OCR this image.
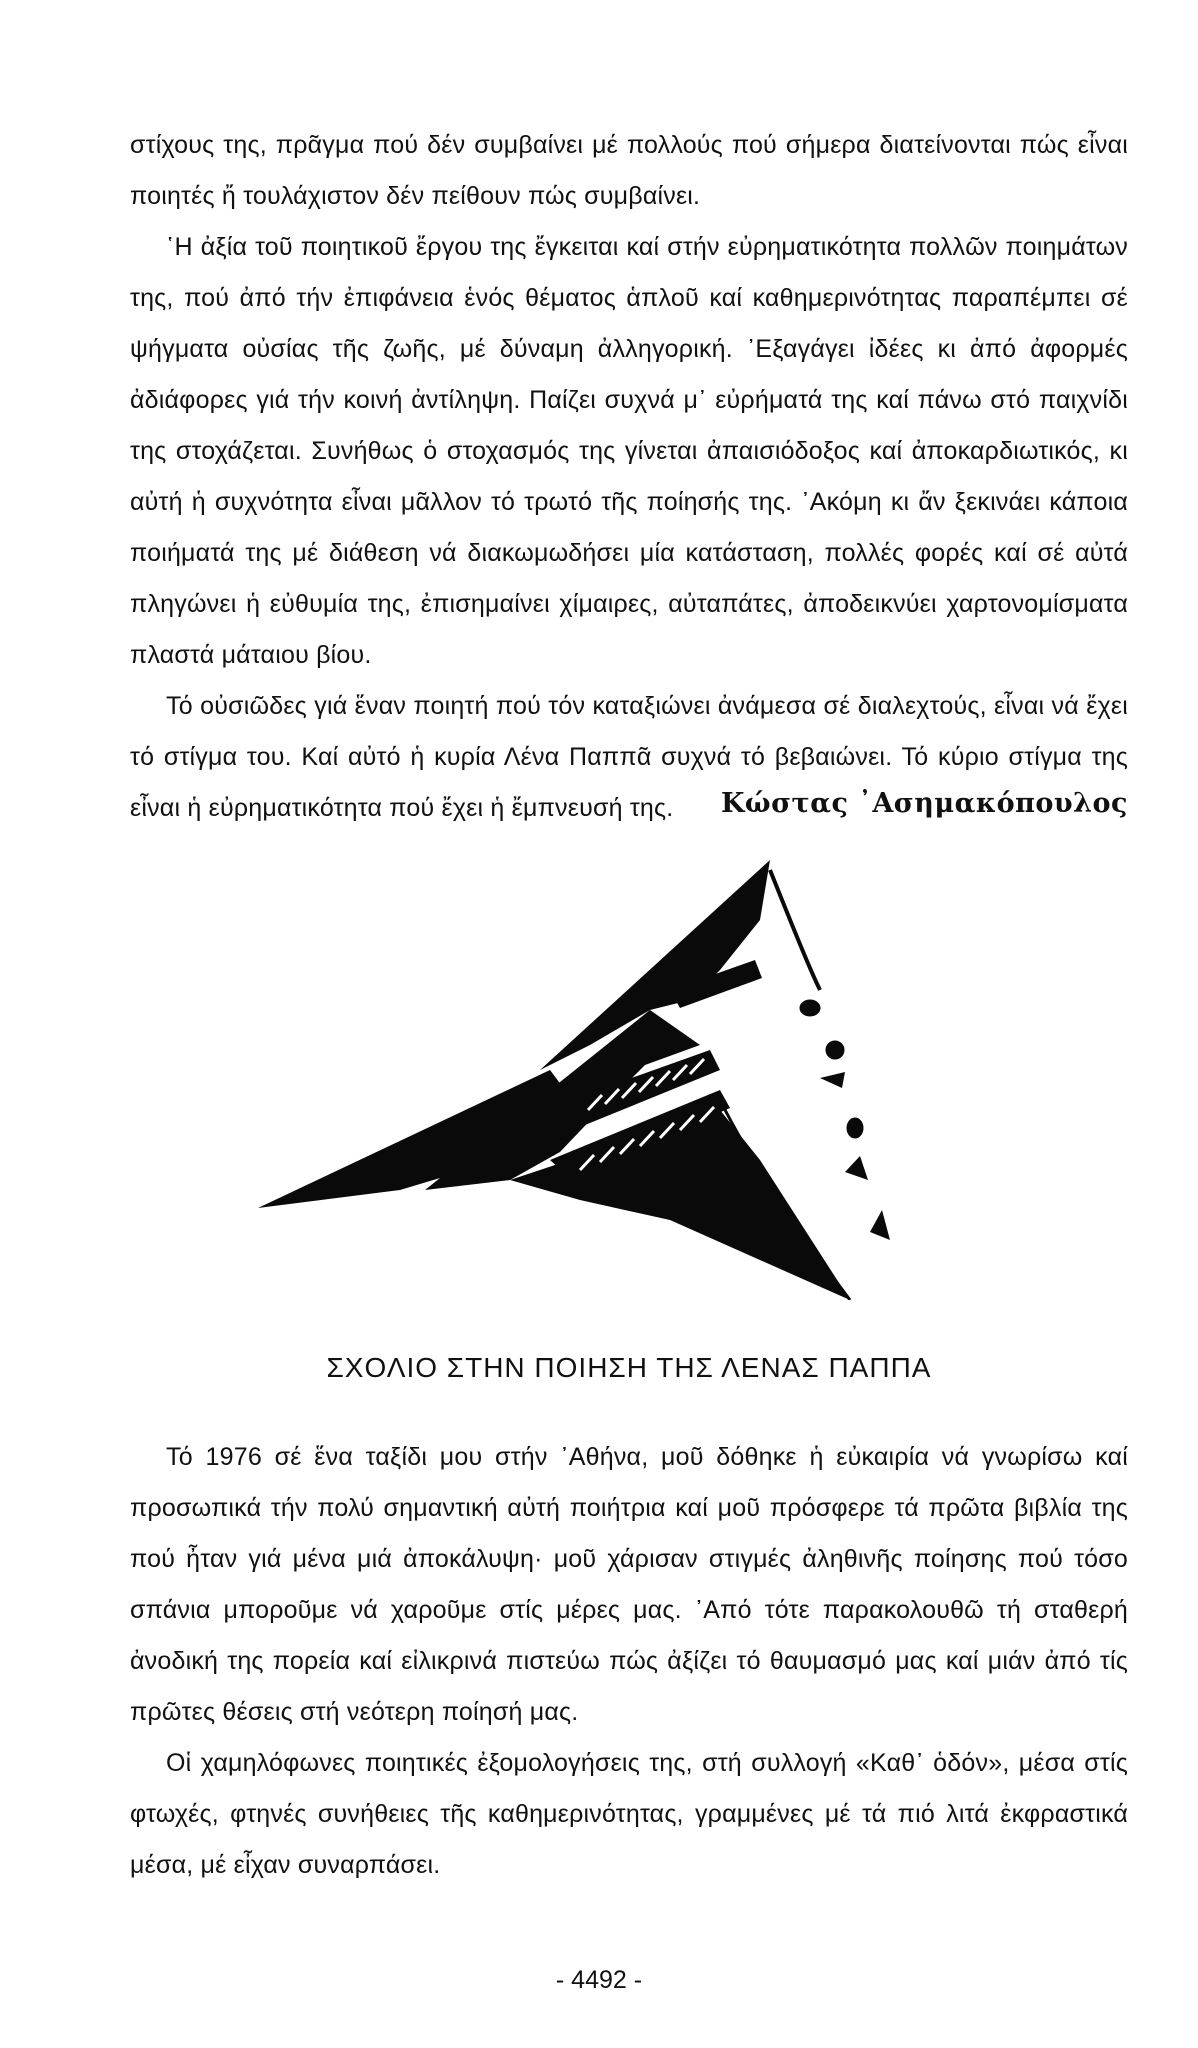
στίχους της, πρᾶγμα πού δέν συμβαίνει μέ πολλούς πού σήμερα διατείνονται πώς εἶναι ποιητές ἤ τουλάχιστον δέν πείθουν πώς συμβαίνει.

῾Η ἀξία τοῦ ποιητικοῦ ἔργου της ἔγκειται καί στήν εὐρηματικότητα πολλῶν ποιημάτων της, πού ἀπό τήν ἐπιφάνεια ἑνός θέματος ἁπλοῦ καί καθημερινότητας παραπέμπει σέ ψήγματα οὐσίας τῆς ζωῆς, μέ δύναμη ἀλληγορική. ᾿Εξαγάγει ἰδέες κι ἀπό ἀφορμές ἀδιάφορες γιά τήν κοινή ἀντίληψη. Παίζει συχνά μ᾿ εὐρήματά της καί πάνω στό παιχνίδι της στοχάζεται. Συνήθως ὁ στοχασμός της γίνεται ἀπαισιόδοξος καί ἀποκαρδιωτικός, κι αὐτή ἡ συχνότητα εἶναι μᾶλλον τό τρωτό τῆς ποίησής της. ᾿Ακόμη κι ἄν ξεκινάει κάποια ποιήματά της μέ διάθεση νά διακωμωδήσει μία κατάσταση, πολλές φορές καί σέ αὐτά πληγώνει ἡ εὐθυμία της, ἐπισημαίνει χίμαιρες, αὐταπάτες, ἀποδεικνύει χαρτονομίσματα πλαστά μάταιου βίου.

Τό οὐσιῶδες γιά ἕναν ποιητή πού τόν καταξιώνει ἀνάμεσα σέ διαλεχτούς, εἶναι νά ἔχει τό στίγμα του. Καί αὐτό ἡ κυρία Λένα Παππᾶ συχνά τό βεβαιώνει. Τό κύριο στίγμα της εἶναι ἡ εὐρηματικότητα πού ἔχει ἡ ἔμπνευσή της.	Κώστας ᾿Ασημακόπουλος
ΣΧΟΛΙΟ ΣΤΗΝ ΠΟΙΗΣΗ ΤΗΣ ΛΕΝΑΣ ΠΑΠΠΑ

Τό 1976 σέ ἕνα ταξίδι μου στήν ᾿Αθήνα, μοῦ δόθηκε ἡ εὐκαιρία νά γνωρίσω καί προσωπικά τήν πολύ σημαντική αὐτή ποιήτρια καί μοῦ πρόσφερε τά πρῶτα βιβλία της πού ἦταν γιά μένα μιά ἀποκάλυψη· μοῦ χάρισαν στιγμές ἀληθινῆς ποίησης πού τόσο σπάνια μποροῦμε νά χαροῦμε στίς μέρες μας. ᾿Από τότε παρακολουθῶ τή σταθερή ἀνοδική της πορεία καί εἰλικρινά πιστεύω πώς ἀξίζει τό θαυμασμό μας καί μιάν ἀπό τίς πρῶτες θέσεις στή νεότερη ποίησή μας.

Οἱ χαμηλόφωνες ποιητικές ἐξομολογήσεις της, στή συλλογή «Καθ᾿ ὁδόν», μέσα στίς φτωχές, φτηνές συνήθειες τῆς καθημερινότητας, γραμμένες μέ τά πιό λιτά ἐκφραστικά μέσα, μέ εἶχαν συναρπάσει.

- 4492 -
